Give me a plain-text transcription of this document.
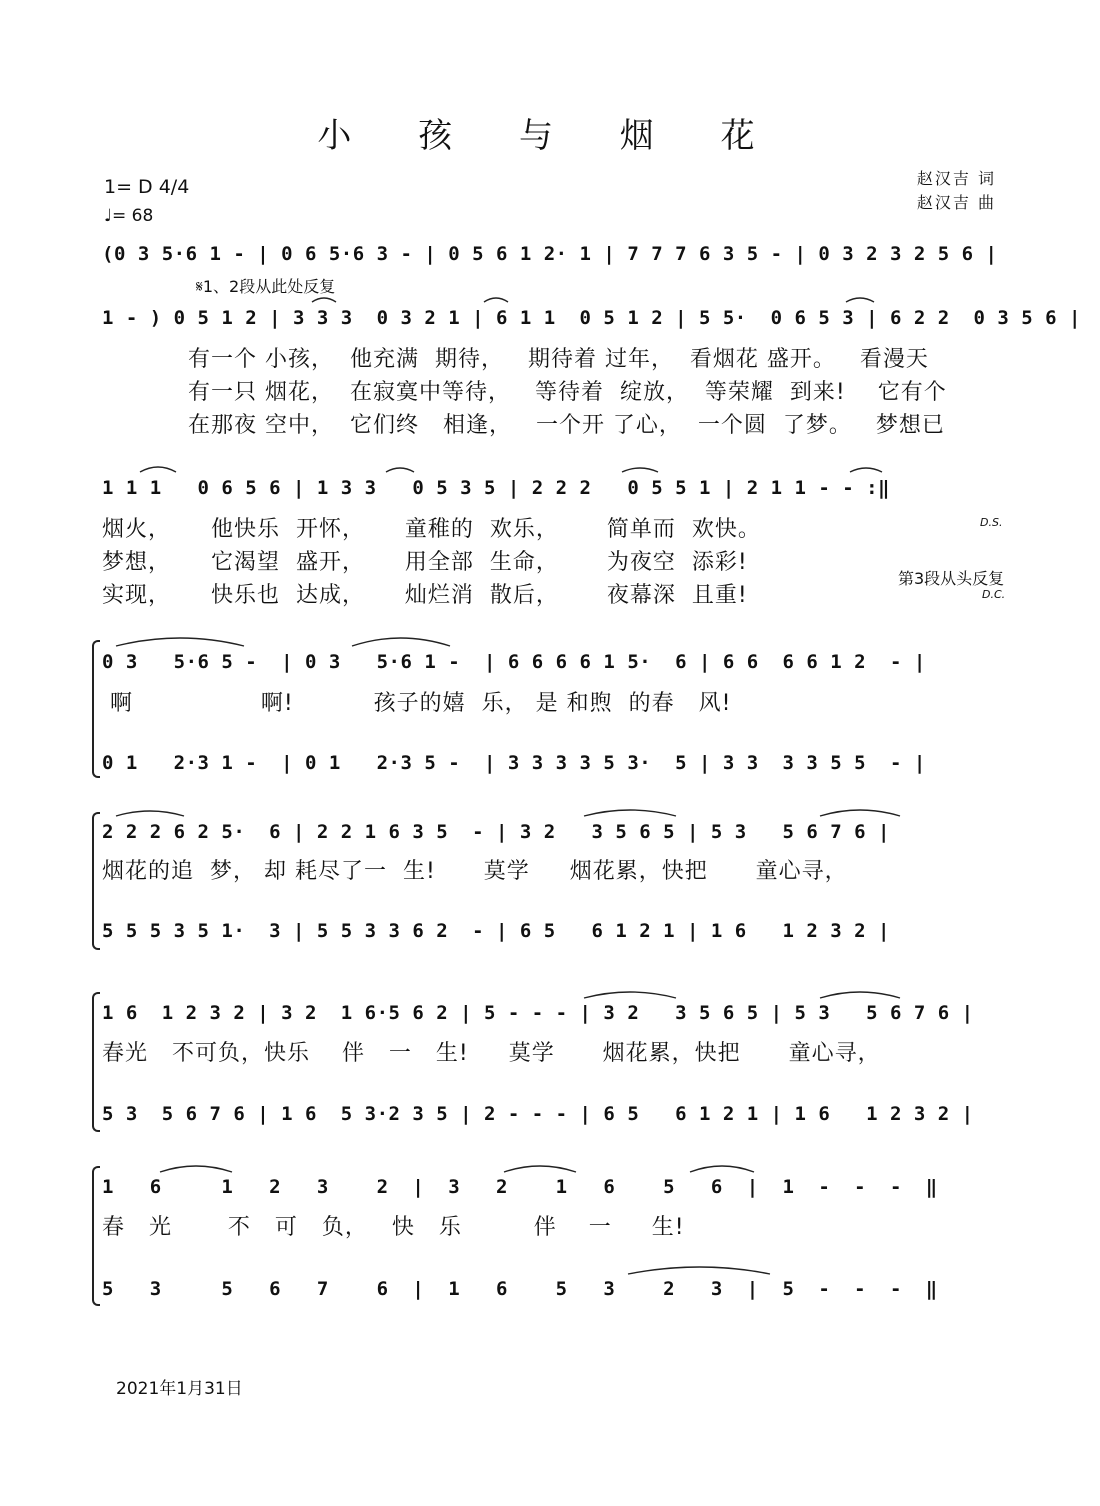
小 孩 与 烟 花
1= D 4/4
♩= 68
赵汉吉 词
赵汉吉 曲
(0 3 5·6 1 - | 0 6 5·6 3 - | 0 5 6 1 2· 1 | 7 7 7 6 3 5 - | 0 3 2 3 2 5 6 |
𝄋1、2段从此处反复
1 - ) 0 5 1 2 | 3 3 3  0 3 2 1 | 6 1 1  0 5 1 2 | 5 5·  0 6 5 3 | 6 2 2  0 3 5 6 |
有一个 小孩，  他充满  期待，   期待着 过年，  看烟花 盛开。   看漫天
有一只 烟花，  在寂寞中等待，   等待着  绽放，  等荣耀  到来!    它有个
在那夜 空中，  它们终   相逢，   一个开 了心，  一个圆  了梦。   梦想已
1 1 1   0 6 5 6 | 1 3 3   0 5 3 5 | 2 2 2   0 5 5 1 | 2 1 1 - - :‖
烟火，     他快乐  开怀，     童稚的  欢乐，      简单而  欢快。
梦想，     它渴望  盛开，     用全部  生命，      为夜空  添彩!
实现，     快乐也  达成，     灿烂消  散后，      夜幕深  且重!
D.S.
第3段从头反复
D.C.
0 3   5·6 5 -  | 0 3   5·6 1 -  | 6 6 6 6 1 5·  6 | 6 6  6 6 1 2  - |
啊                啊!          孩子的嬉  乐， 是 和煦  的春   风!
0 1   2·3 1 -  | 0 1   2·3 5 -  | 3 3 3 3 5 3·  5 | 3 3  3 3 5 5  - |
2 2 2 6 2 5·  6 | 2 2 1 6 3 5  - | 3 2   3 5 6 5 | 5 3   5 6 7 6 |
烟花的追  梦， 却 耗尽了一  生!      莫学     烟花累，快把      童心寻，
5 5 5 3 5 1·  3 | 5 5 3 3 6 2  - | 6 5   6 1 2 1 | 1 6   1 2 3 2 |
1 6  1 2 3 2 | 3 2  1 6·5 6 2 | 5 - - - | 3 2   3 5 6 5 | 5 3   5 6 7 6 |
春光   不可负，快乐    伴   一   生!     莫学      烟花累，快把      童心寻，
5 3  5 6 7 6 | 1 6  5 3·2 3 5 | 2 - - - | 6 5   6 1 2 1 | 1 6   1 2 3 2 |
1   6     1   2   3    2  |  3   2    1   6    5   6  |  1  -  -  -  ‖
春   光       不   可   负，   快   乐         伴    一     生!
5   3     5   6   7    6  |  1   6    5   3    2   3  |  5  -  -  -  ‖
2021年1月31日
